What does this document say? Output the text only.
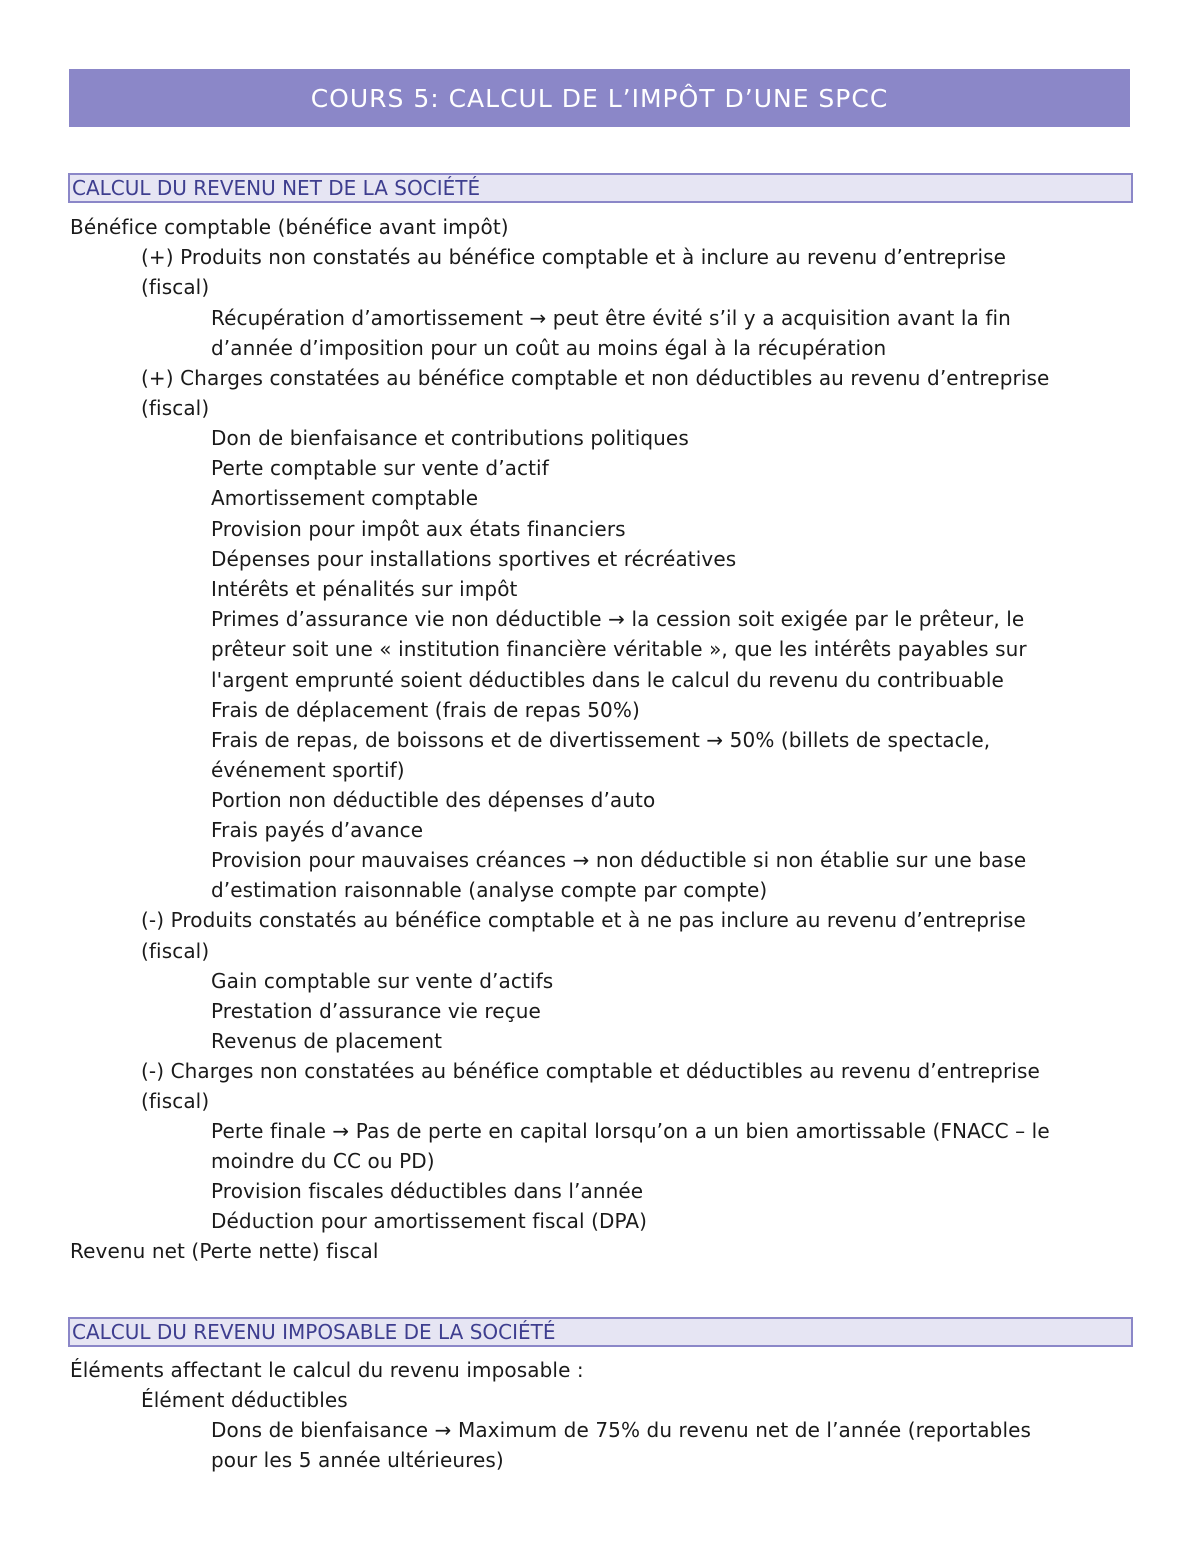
COURS 5: CALCUL DE L’IMPÔT D’UNE SPCC
CALCUL DU REVENU NET DE LA SOCIÉTÉ
Bénéfice comptable (bénéfice avant impôt)
(+) Produits non constatés au bénéfice comptable et à inclure au revenu d’entreprise
(fiscal)
Récupération d’amortissement → peut être évité s’il y a acquisition avant la fin
d’année d’imposition pour un coût au moins égal à la récupération
(+) Charges constatées au bénéfice comptable et non déductibles au revenu d’entreprise
(fiscal)
Don de bienfaisance et contributions politiques
Perte comptable sur vente d’actif
Amortissement comptable
Provision pour impôt aux états financiers
Dépenses pour installations sportives et récréatives
Intérêts et pénalités sur impôt
Primes d’assurance vie non déductible → la cession soit exigée par le prêteur, le
prêteur soit une « institution financière véritable », que les intérêts payables sur
l'argent emprunté soient déductibles dans le calcul du revenu du contribuable
Frais de déplacement (frais de repas 50%)
Frais de repas, de boissons et de divertissement → 50% (billets de spectacle,
événement sportif)
Portion non déductible des dépenses d’auto
Frais payés d’avance
Provision pour mauvaises créances → non déductible si non établie sur une base
d’estimation raisonnable (analyse compte par compte)
(-) Produits constatés au bénéfice comptable et à ne pas inclure au revenu d’entreprise
(fiscal)
Gain comptable sur vente d’actifs
Prestation d’assurance vie reçue
Revenus de placement
(-) Charges non constatées au bénéfice comptable et déductibles au revenu d’entreprise
(fiscal)
Perte finale → Pas de perte en capital lorsqu’on a un bien amortissable (FNACC – le
moindre du CC ou PD)
Provision fiscales déductibles dans l’année
Déduction pour amortissement fiscal (DPA)
Revenu net (Perte nette) fiscal
CALCUL DU REVENU IMPOSABLE DE LA SOCIÉTÉ
Éléments affectant le calcul du revenu imposable :
Élément déductibles
Dons de bienfaisance → Maximum de 75% du revenu net de l’année (reportables
pour les 5 année ultérieures)
